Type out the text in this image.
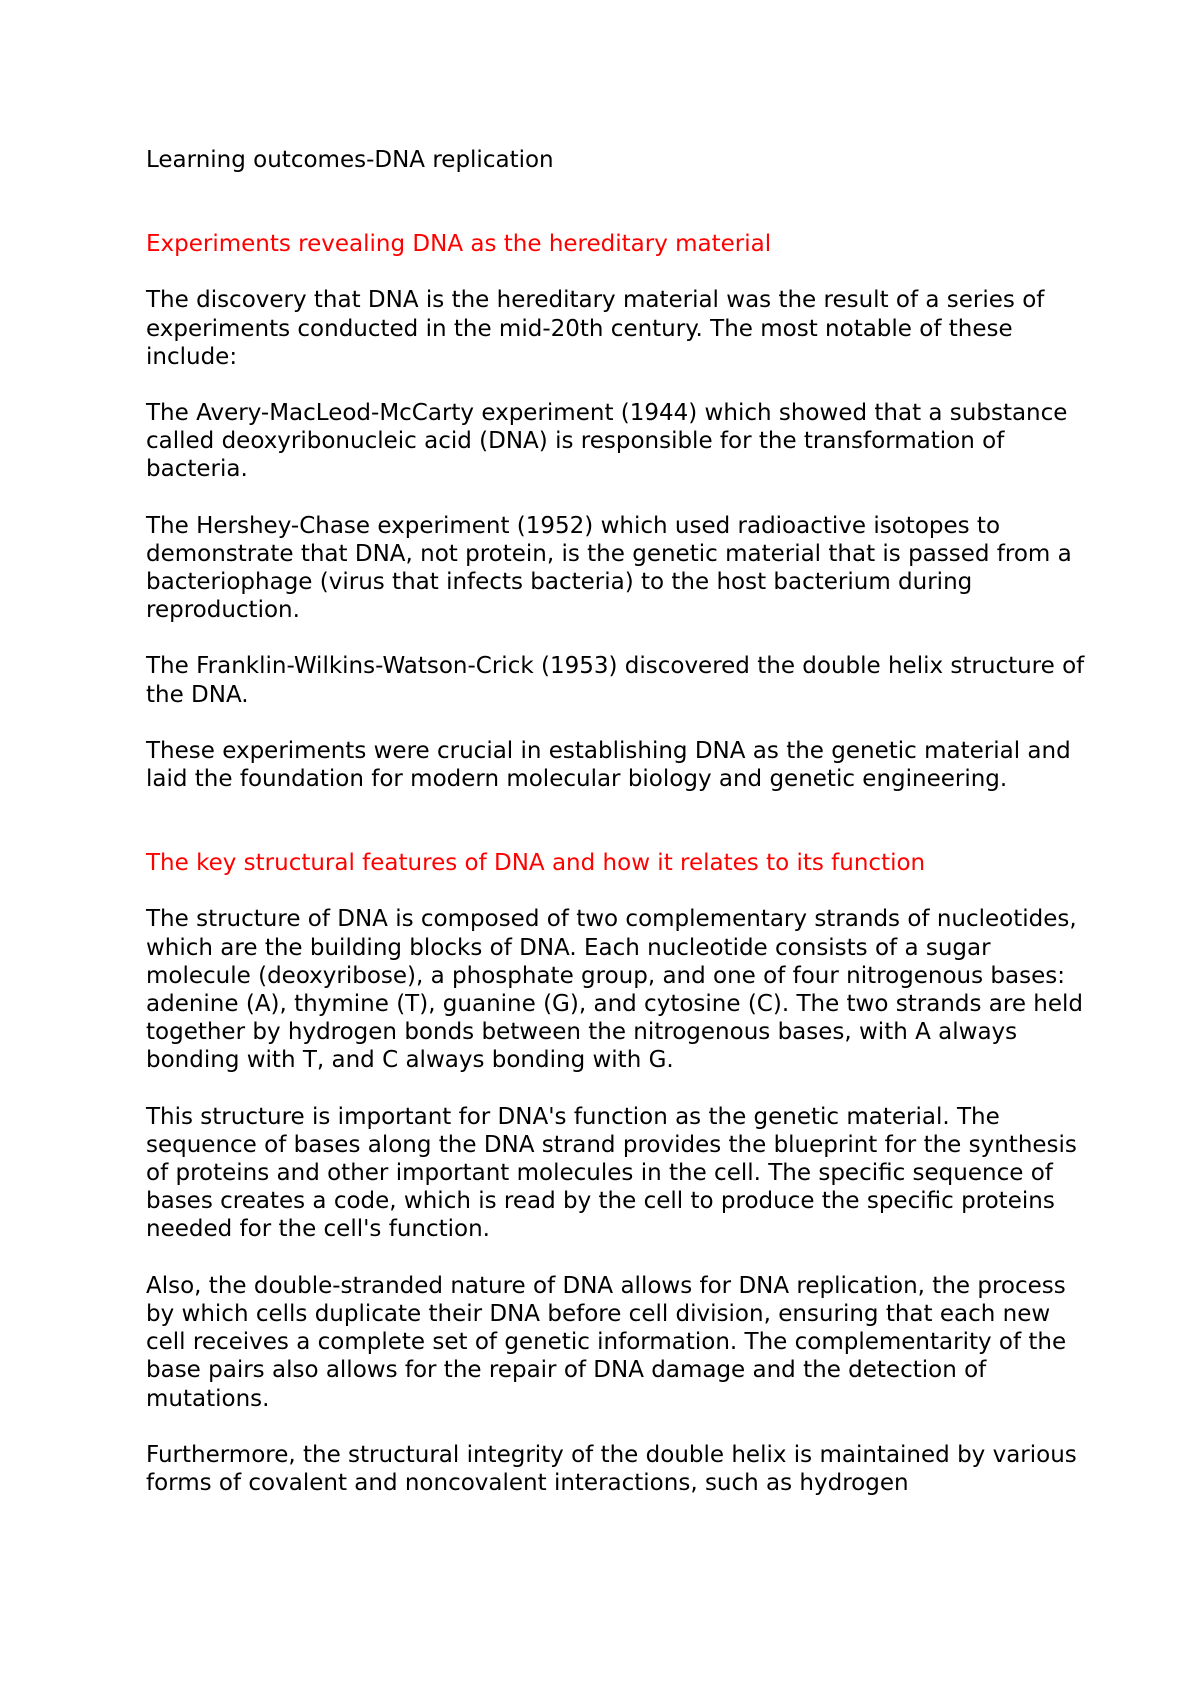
Learning outcomes-DNA replication

Experiments revealing DNA as the hereditary material

The discovery that DNA is the hereditary material was the result of a series of experiments conducted in the mid-20th century. The most notable of these include:

The Avery-MacLeod-McCarty experiment (1944) which showed that a substance called deoxyribonucleic acid (DNA) is responsible for the transformation of bacteria.

The Hershey-Chase experiment (1952) which used radioactive isotopes to demonstrate that DNA, not protein, is the genetic material that is passed from a bacteriophage (virus that infects bacteria) to the host bacterium during reproduction.

The Franklin-Wilkins-Watson-Crick (1953) discovered the double helix structure of the DNA.

These experiments were crucial in establishing DNA as the genetic material and laid the foundation for modern molecular biology and genetic engineering.

The key structural features of DNA and how it relates to its function

The structure of DNA is composed of two complementary strands of nucleotides, which are the building blocks of DNA. Each nucleotide consists of a sugar molecule (deoxyribose), a phosphate group, and one of four nitrogenous bases: adenine (A), thymine (T), guanine (G), and cytosine (C). The two strands are held together by hydrogen bonds between the nitrogenous bases, with A always bonding with T, and C always bonding with G.

This structure is important for DNA's function as the genetic material. The sequence of bases along the DNA strand provides the blueprint for the synthesis of proteins and other important molecules in the cell. The specific sequence of bases creates a code, which is read by the cell to produce the specific proteins needed for the cell's function.

Also, the double-stranded nature of DNA allows for DNA replication, the process by which cells duplicate their DNA before cell division, ensuring that each new cell receives a complete set of genetic information. The complementarity of the base pairs also allows for the repair of DNA damage and the detection of mutations.

Furthermore, the structural integrity of the double helix is maintained by various forms of covalent and noncovalent interactions, such as hydrogen
